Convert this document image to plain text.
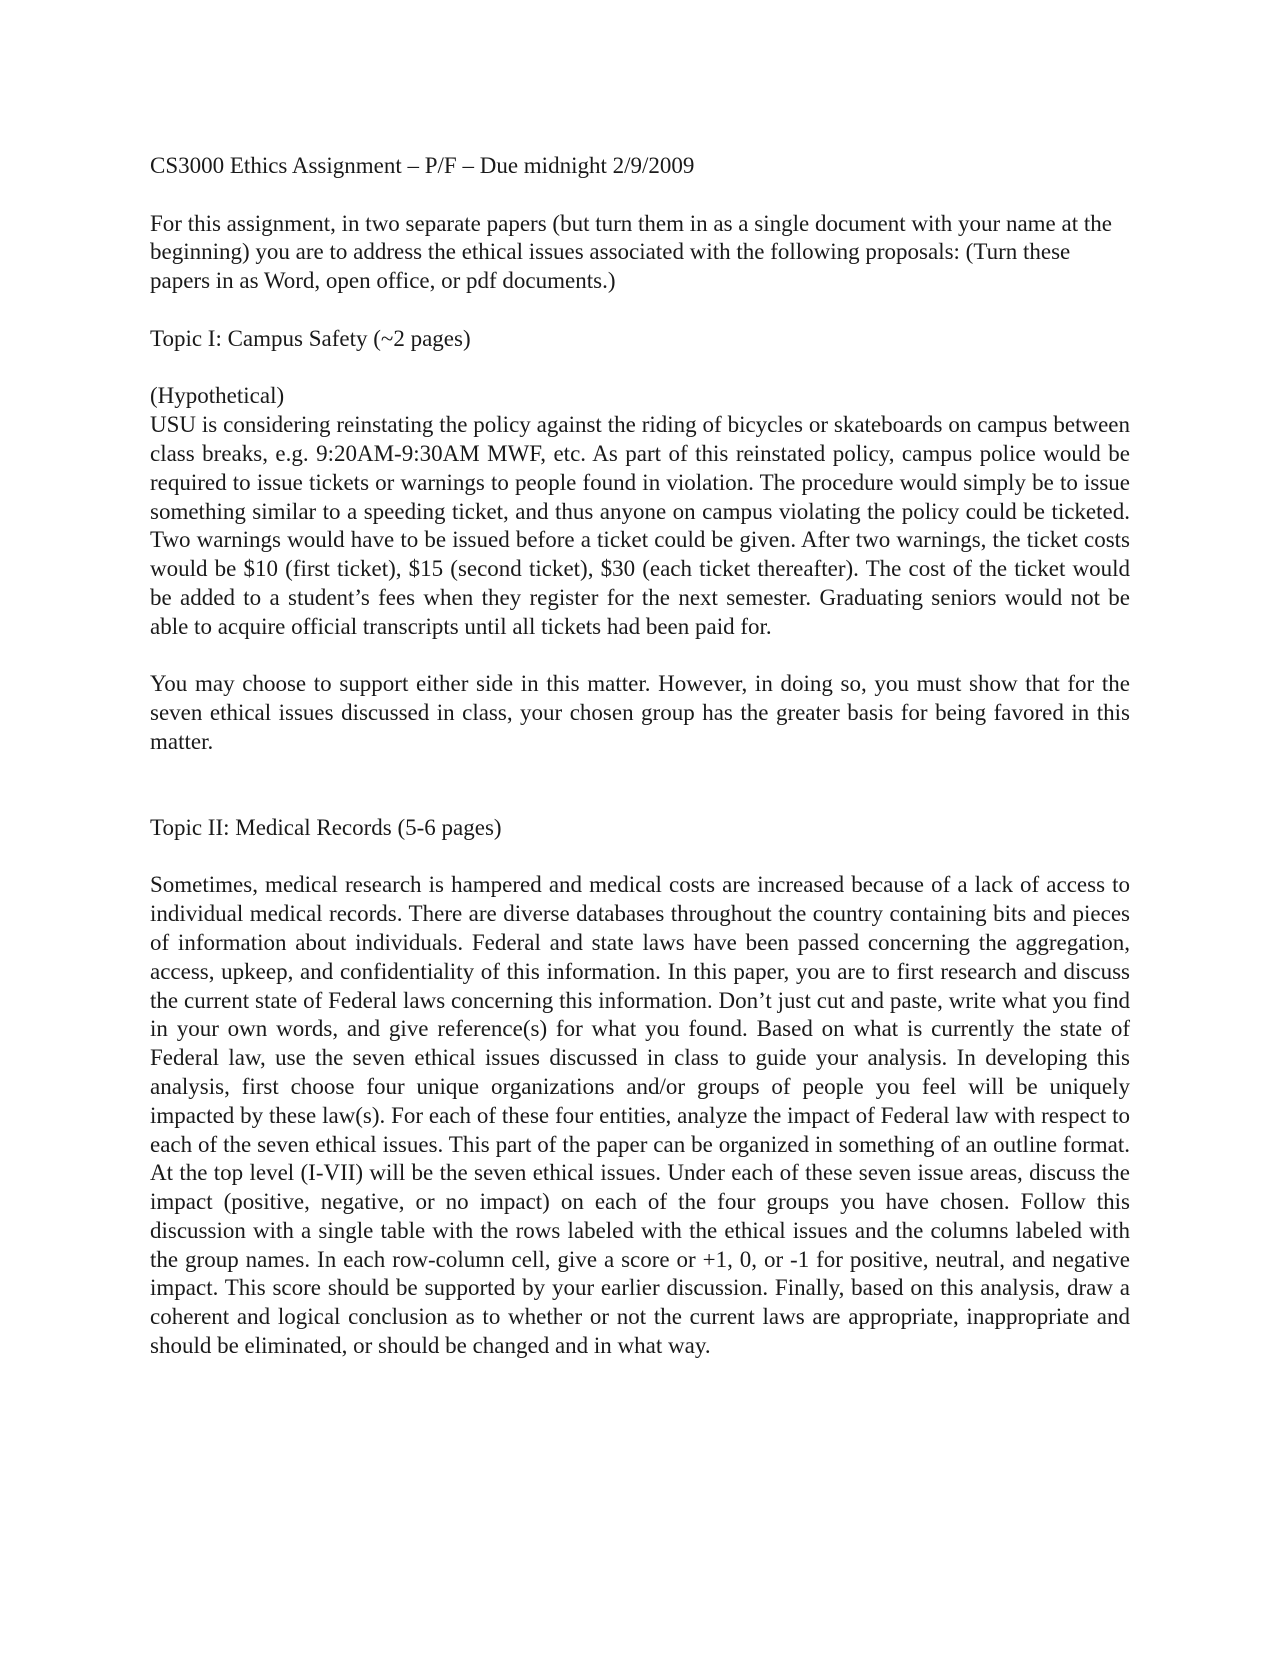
CS3000 Ethics Assignment – P/F – Due midnight 2/9/2009

For this assignment, in two separate papers (but turn them in as a single document with your name at the beginning) you are to address the ethical issues associated with the following proposals: (Turn these papers in as Word, open office, or pdf documents.)

Topic I: Campus Safety (~2 pages)

(Hypothetical)

USU is considering reinstating the policy against the riding of bicycles or skateboards on campus between class breaks, e.g. 9:20AM-9:30AM MWF, etc. As part of this reinstated policy, campus police would be required to issue tickets or warnings to people found in violation. The procedure would simply be to issue something similar to a speeding ticket, and thus anyone on campus violating the policy could be ticketed. Two warnings would have to be issued before a ticket could be given. After two warnings, the ticket costs would be $10 (first ticket), $15 (second ticket), $30 (each ticket thereafter). The cost of the ticket would be added to a student’s fees when they register for the next semester. Graduating seniors would not be able to acquire official transcripts until all tickets had been paid for.

You may choose to support either side in this matter. However, in doing so, you must show that for the seven ethical issues discussed in class, your chosen group has the greater basis for being favored in this matter.

Topic II: Medical Records (5-6 pages)

Sometimes, medical research is hampered and medical costs are increased because of a lack of access to individual medical records. There are diverse databases throughout the country containing bits and pieces of information about individuals. Federal and state laws have been passed concerning the aggregation, access, upkeep, and confidentiality of this information. In this paper, you are to first research and discuss the current state of Federal laws concerning this information. Don’t just cut and paste, write what you find in your own words, and give reference(s) for what you found. Based on what is currently the state of Federal law, use the seven ethical issues discussed in class to guide your analysis. In developing this analysis, first choose four unique organizations and/or groups of people you feel will be uniquely impacted by these law(s). For each of these four entities, analyze the impact of Federal law with respect to each of the seven ethical issues. This part of the paper can be organized in something of an outline format. At the top level (I-VII) will be the seven ethical issues. Under each of these seven issue areas, discuss the impact (positive, negative, or no impact) on each of the four groups you have chosen. Follow this discussion with a single table with the rows labeled with the ethical issues and the columns labeled with the group names. In each row-column cell, give a score or +1, 0, or -1 for positive, neutral, and negative impact. This score should be supported by your earlier discussion. Finally, based on this analysis, draw a coherent and logical conclusion as to whether or not the current laws are appropriate, inappropriate and should be eliminated, or should be changed and in what way.
